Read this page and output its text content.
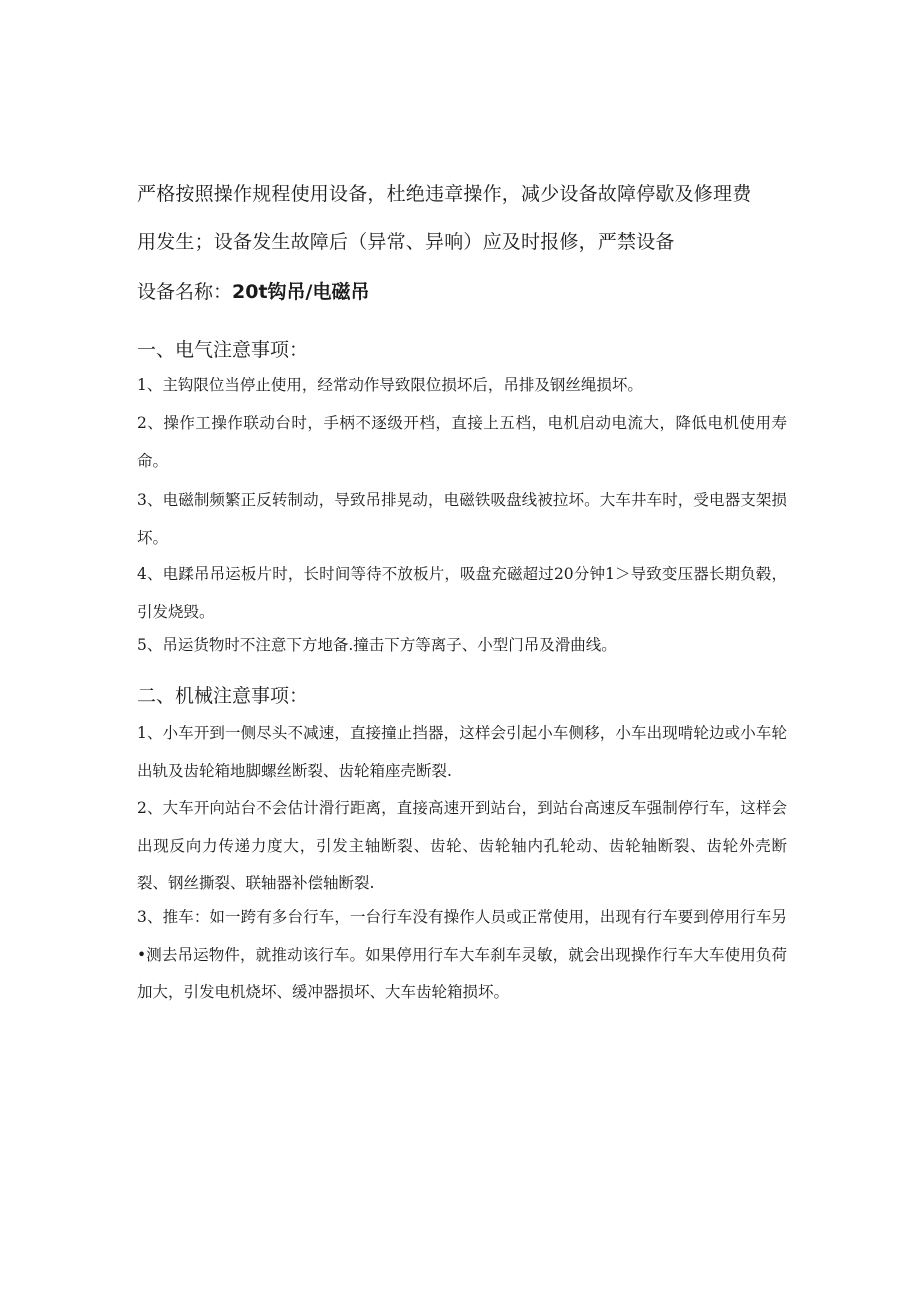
严格按照操作规程使用设备，杜绝违章操作，减少设备故障停歇及修理费
用发生；设备发生故障后（异常、异响）应及时报修，严禁设备
设备名称：20t钩吊/电磁吊
一、电气注意事项：

1、主钩限位当停止使用，经常动作导致限位损坏后，吊排及钢丝绳损坏。

2、操作工操作联动台时，手柄不逐级开档，直接上五档，电机启动电流大，降低电机使用寿命。

3、电磁制频繁正反转制动，导致吊排晃动，电磁铁吸盘线被拉坏。大车井车时，受电器支架损坏。

4、电蹂吊吊运板片时，长时间等待不放板片，吸盘充磁超过20分钟1＞导致变压器长期负毂，引发烧毁。

5、吊运货物时不注意下方地备.撞击下方等离子、小型门吊及滑曲线。

二、机械注意事项：

1、小车开到一侧尽头不减速，直接撞止挡器，这样会引起小车侧移，小车出现啃轮边或小车轮出轨及齿轮箱地脚螺丝断裂、齿轮箱座壳断裂.

2、大车开向站台不会估计滑行距离，直接高速开到站台，到站台高速反车强制停行车，这样会出现反向力传递力度大，引发主轴断裂、齿轮、齿轮轴内孔轮动、齿轮轴断裂、齿轮外壳断裂、钢丝撕裂、联轴器补偿轴断裂.

3、推车：如一跨有多台行车，一台行车没有操作人员或正常使用，出现有行车要到停用行车另•测去吊运物件，就推动该行车。如果停用行车大车刹车灵敏，就会出现操作行车大车使用负荷加大，引发电机烧坏、缓冲器损坏、大车齿轮箱损坏。
